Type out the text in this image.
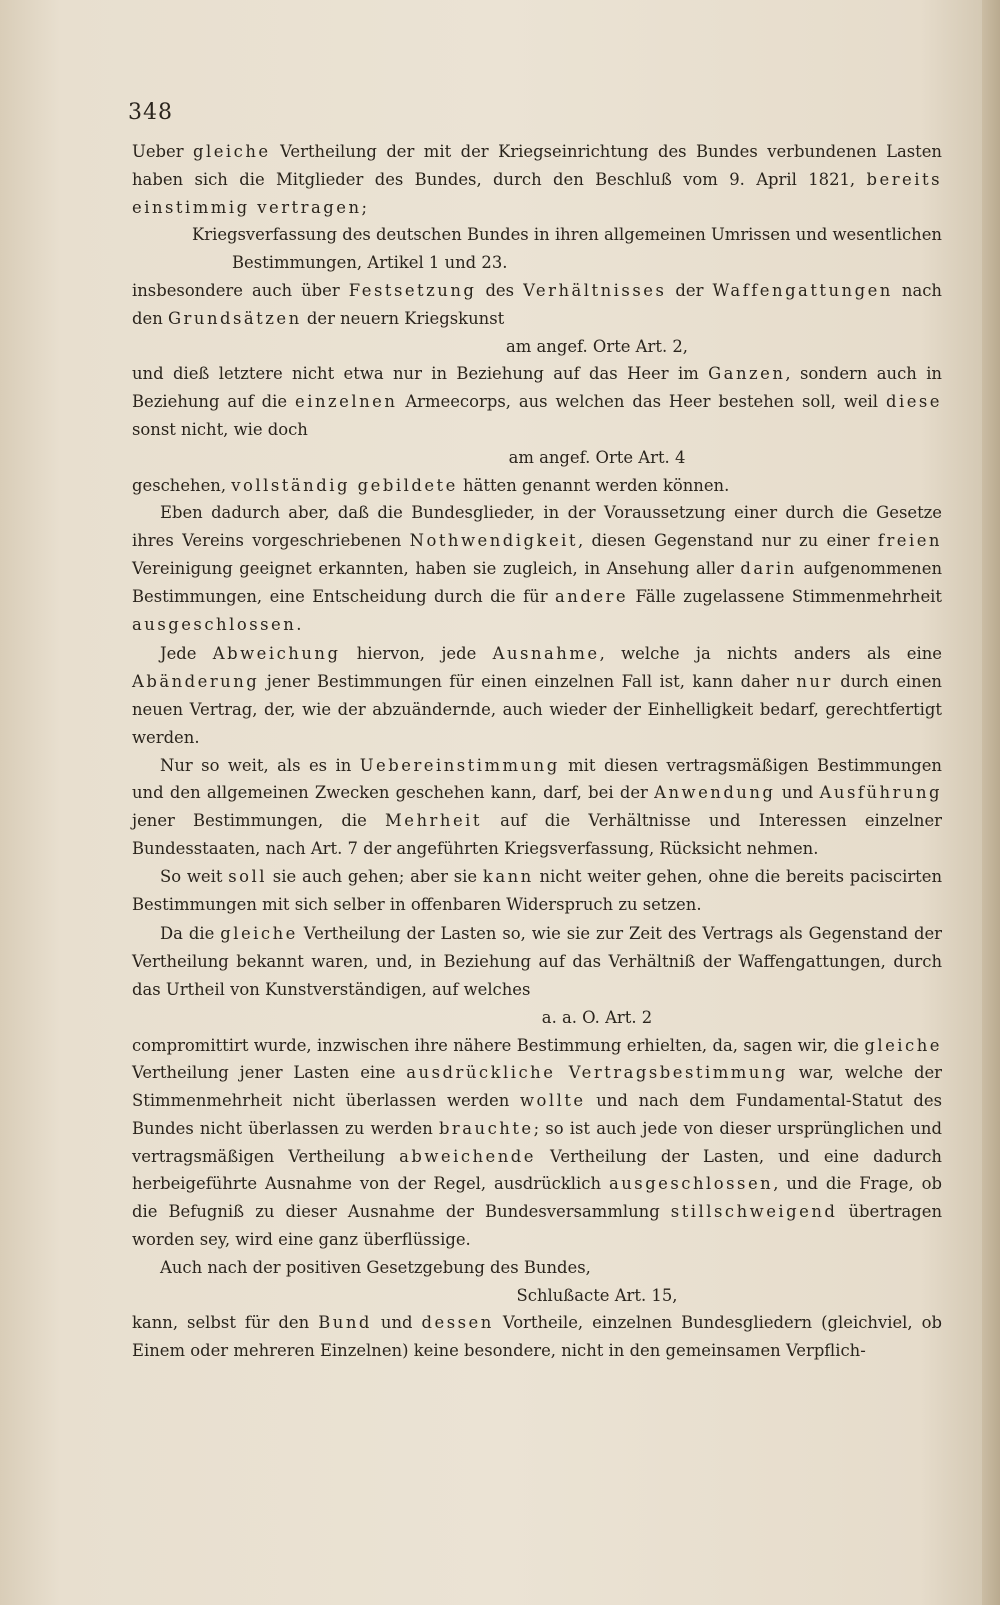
348

Ueber gleiche Vertheilung der mit der Kriegseinrichtung des Bundes verbundenen Lasten haben sich die Mitglieder des Bundes, durch den Beschluß vom 9. April 1821, bereits einstimmig vertragen;

Kriegsverfassung des deutschen Bundes in ihren allgemeinen Umrissen und wesentlichen Bestimmungen, Artikel 1 und 23.

insbesondere auch über Festsetzung des Verhältnisses der Waffengattungen nach den Grundsätzen der neuern Kriegskunst

am angef. Orte Art. 2,

und dieß letztere nicht etwa nur in Beziehung auf das Heer im Ganzen, sondern auch in Beziehung auf die einzelnen Armeecorps, aus welchen das Heer bestehen soll, weil diese sonst nicht, wie doch

am angef. Orte Art. 4

geschehen, vollständig gebildete hätten genannt werden können.

Eben dadurch aber, daß die Bundesglieder, in der Voraussetzung einer durch die Gesetze ihres Vereins vorgeschriebenen Nothwendigkeit, diesen Gegenstand nur zu einer freien Vereinigung geeignet erkannten, haben sie zugleich, in Ansehung aller darin aufgenommenen Bestimmungen, eine Entscheidung durch die für andere Fälle zugelassene Stimmenmehrheit ausgeschlossen.

Jede Abweichung hiervon, jede Ausnahme, welche ja nichts anders als eine Abänderung jener Bestimmungen für einen einzelnen Fall ist, kann daher nur durch einen neuen Vertrag, der, wie der abzuändernde, auch wieder der Einhelligkeit bedarf, gerechtfertigt werden.

Nur so weit, als es in Uebereinstimmung mit diesen vertragsmäßigen Bestimmungen und den allgemeinen Zwecken geschehen kann, darf, bei der Anwendung und Ausführung jener Bestimmungen, die Mehrheit auf die Verhältnisse und Interessen einzelner Bundesstaaten, nach Art. 7 der angeführten Kriegsverfassung, Rücksicht nehmen.

So weit soll sie auch gehen; aber sie kann nicht weiter gehen, ohne die bereits paciscirten Bestimmungen mit sich selber in offenbaren Widerspruch zu setzen.

Da die gleiche Vertheilung der Lasten so, wie sie zur Zeit des Vertrags als Gegenstand der Vertheilung bekannt waren, und, in Beziehung auf das Verhältniß der Waffengattungen, durch das Urtheil von Kunstverständigen, auf welches

a. a. O. Art. 2

compromittirt wurde, inzwischen ihre nähere Bestimmung erhielten, da, sagen wir, die gleiche Vertheilung jener Lasten eine ausdrückliche Vertragsbestimmung war, welche der Stimmenmehrheit nicht überlassen werden wollte und nach dem Fundamental-Statut des Bundes nicht überlassen zu werden brauchte; so ist auch jede von dieser ursprünglichen und vertragsmäßigen Vertheilung abweichende Vertheilung der Lasten, und eine dadurch herbeigeführte Ausnahme von der Regel, ausdrücklich ausgeschlossen, und die Frage, ob die Befugniß zu dieser Ausnahme der Bundesversammlung stillschweigend übertragen worden sey, wird eine ganz überflüssige.

Auch nach der positiven Gesetzgebung des Bundes,

Schlußacte Art. 15,

kann, selbst für den Bund und dessen Vortheile, einzelnen Bundesgliedern (gleichviel, ob Einem oder mehreren Einzelnen) keine besondere, nicht in den gemeinsamen Verpflich-
